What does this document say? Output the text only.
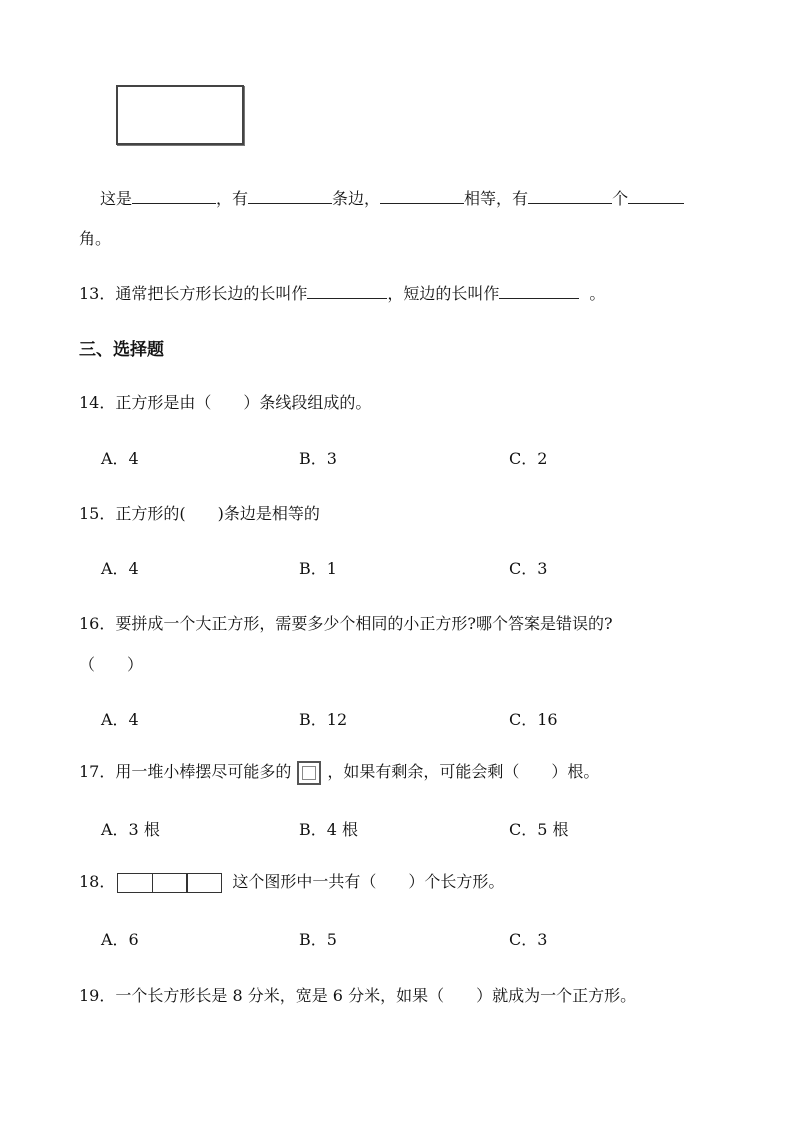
这是	，有	条边，	相等，有	个
角。
13．通常把长方形长边的长叫作	，短边的长叫作	。
三、选择题
14．正方形是由（　　）条线段组成的。
A．4	B．3	C．2
15．正方形的(　　)条边是相等的
A．4	B．1	C．3
16．要拼成一个大正方形，需要多少个相同的小正方形?哪个答案是错误的?
（　　）
A．4	B．12	C．16
17．用一堆小棒摆尽可能多的 ，如果有剩余，可能会剩（　　）根。
A．3 根	B．4 根	C．5 根
18．	这个图形中一共有（　　）个长方形。
A．6	B．5	C．3
19．一个长方形长是 8 分米，宽是 6 分米，如果（　　）就成为一个正方形。
